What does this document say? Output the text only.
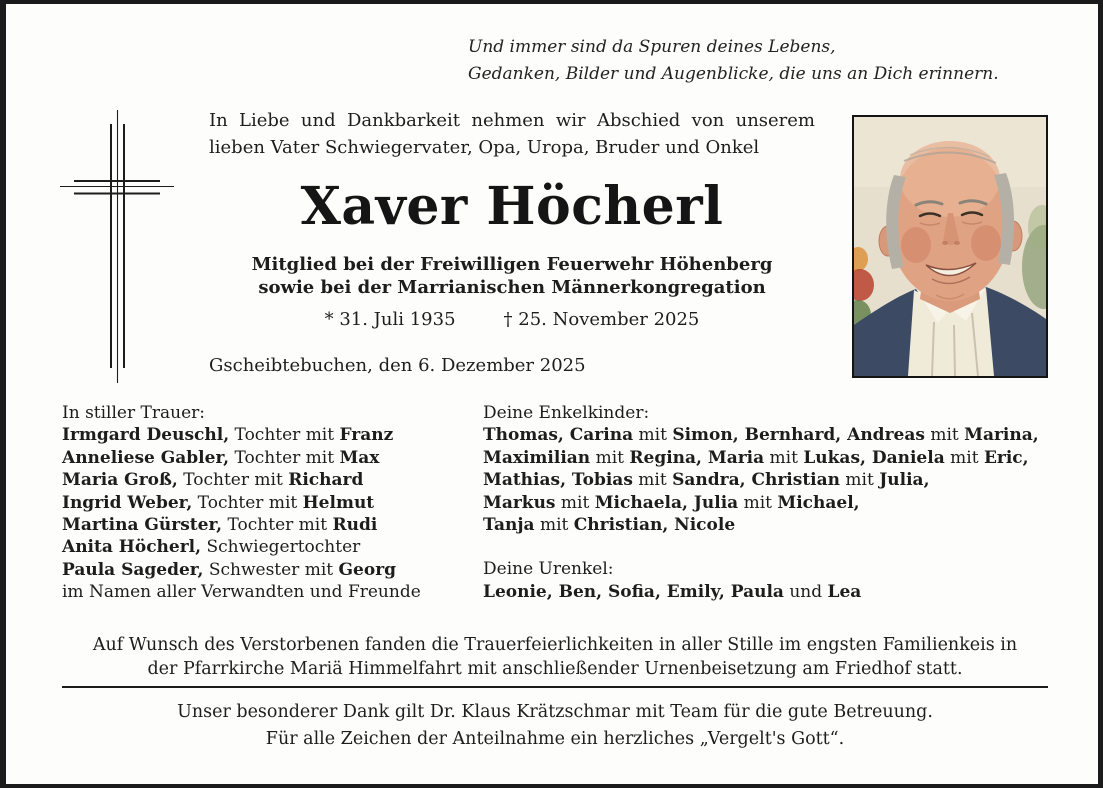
Und immer sind da Spuren deines Lebens,
Gedanken, Bilder und Augenblicke, die uns an Dich erinnern.
In Liebe und Dankbarkeit nehmen wir Abschied von unserem lieben Vater Schwiegervater, Opa, Uropa, Bruder und Onkel
Xaver Höcherl
Mitglied bei der Freiwilligen Feuerwehr Höhenberg
sowie bei der Marrianischen Männerkongregation
* 31. Juli 1935	† 25. November 2025
Gscheibtebuchen, den 6. Dezember 2025
In stiller Trauer:
Irmgard Deuschl, Tochter mit Franz
Anneliese Gabler, Tochter mit Max
Maria Groß, Tochter mit Richard
Ingrid Weber, Tochter mit Helmut
Martina Gürster, Tochter mit Rudi
Anita Höcherl, Schwiegertochter
Paula Sageder, Schwester mit Georg
im Namen aller Verwandten und Freunde
Deine Enkelkinder:
Thomas, Carina mit Simon, Bernhard, Andreas mit Marina,
Maximilian mit Regina, Maria mit Lukas, Daniela mit Eric,
Mathias, Tobias mit Sandra, Christian mit Julia,
Markus mit Michaela, Julia mit Michael,
Tanja mit Christian, Nicole
Deine Urenkel:
Leonie, Ben, Sofia, Emily, Paula und Lea
Auf Wunsch des Verstorbenen fanden die Trauerfeierlichkeiten in aller Stille im engsten Familienkeis in der Pfarrkirche Mariä Himmelfahrt mit anschließender Urnenbeisetzung am Friedhof statt.
Unser besonderer Dank gilt Dr. Klaus Krätzschmar mit Team für die gute Betreuung.
Für alle Zeichen der Anteilnahme ein herzliches „Vergelt's Gott“.
